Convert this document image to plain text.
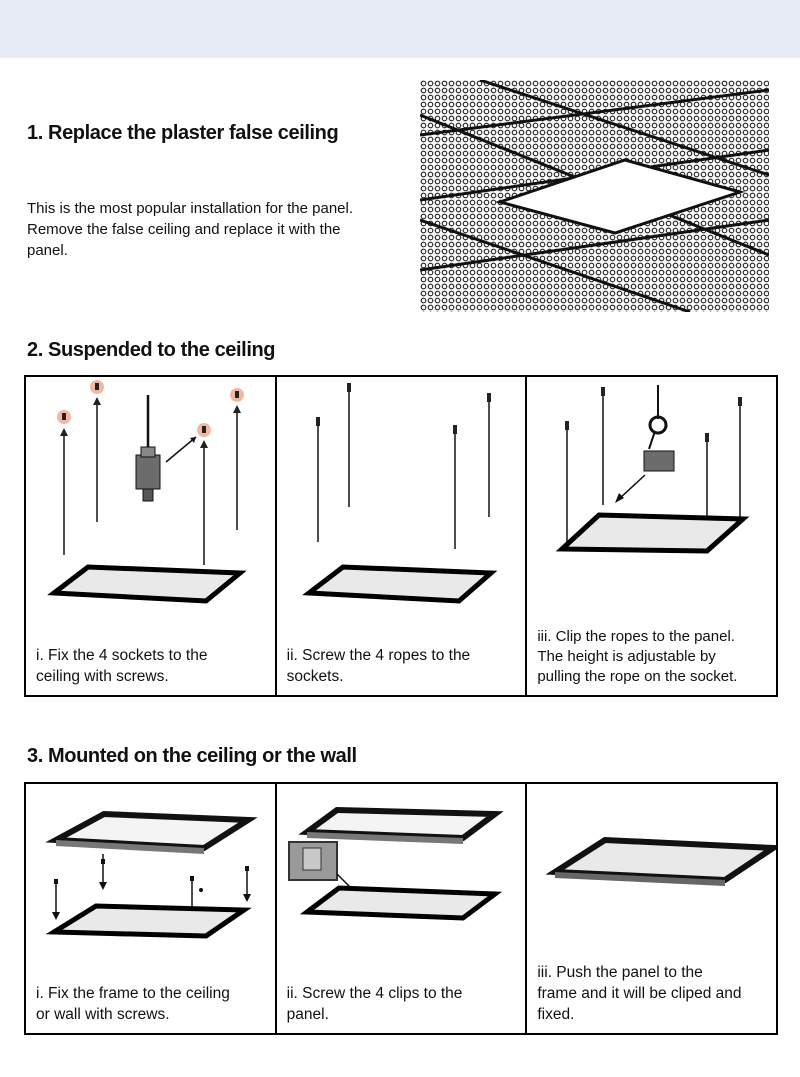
1. Replace the plaster false ceiling
This is the most popular installation for the panel.
Remove the false ceiling and replace it with the
panel.
2. Suspended to the ceiling
i. Fix the 4 sockets to the
ceiling with screws.
ii. Screw the 4 ropes to the
sockets.
iii. Clip the ropes to the panel.
The height is adjustable by
pulling the rope on the socket.
3. Mounted on the ceiling or the wall
i. Fix the frame to the ceiling
or wall with screws.
ii. Screw the 4 clips to the
panel.
iii. Push the panel to the
frame and it will be cliped and
fixed.
